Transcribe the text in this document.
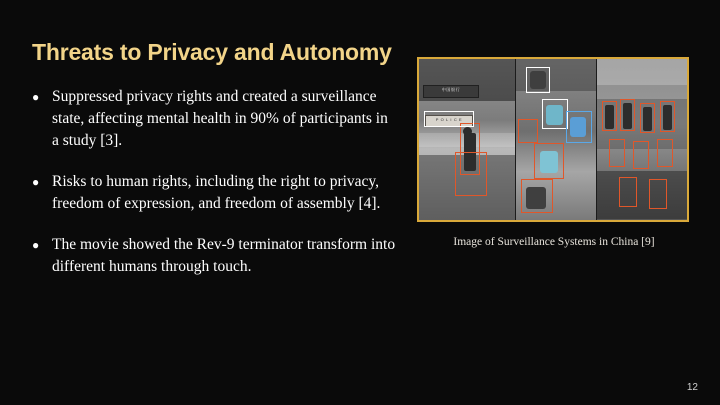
Threats to Privacy and Autonomy
● Suppressed privacy rights and created a surveillance state, affecting mental health in 90% of participants in a study [3].
● Risks to human rights, including the right to privacy, freedom of expression, and freedom of assembly [4].
● The movie showed the Rev-9 terminator transform into different humans through touch.
中国银行
P O L I C E
Image of Surveillance Systems in China [9]
12
